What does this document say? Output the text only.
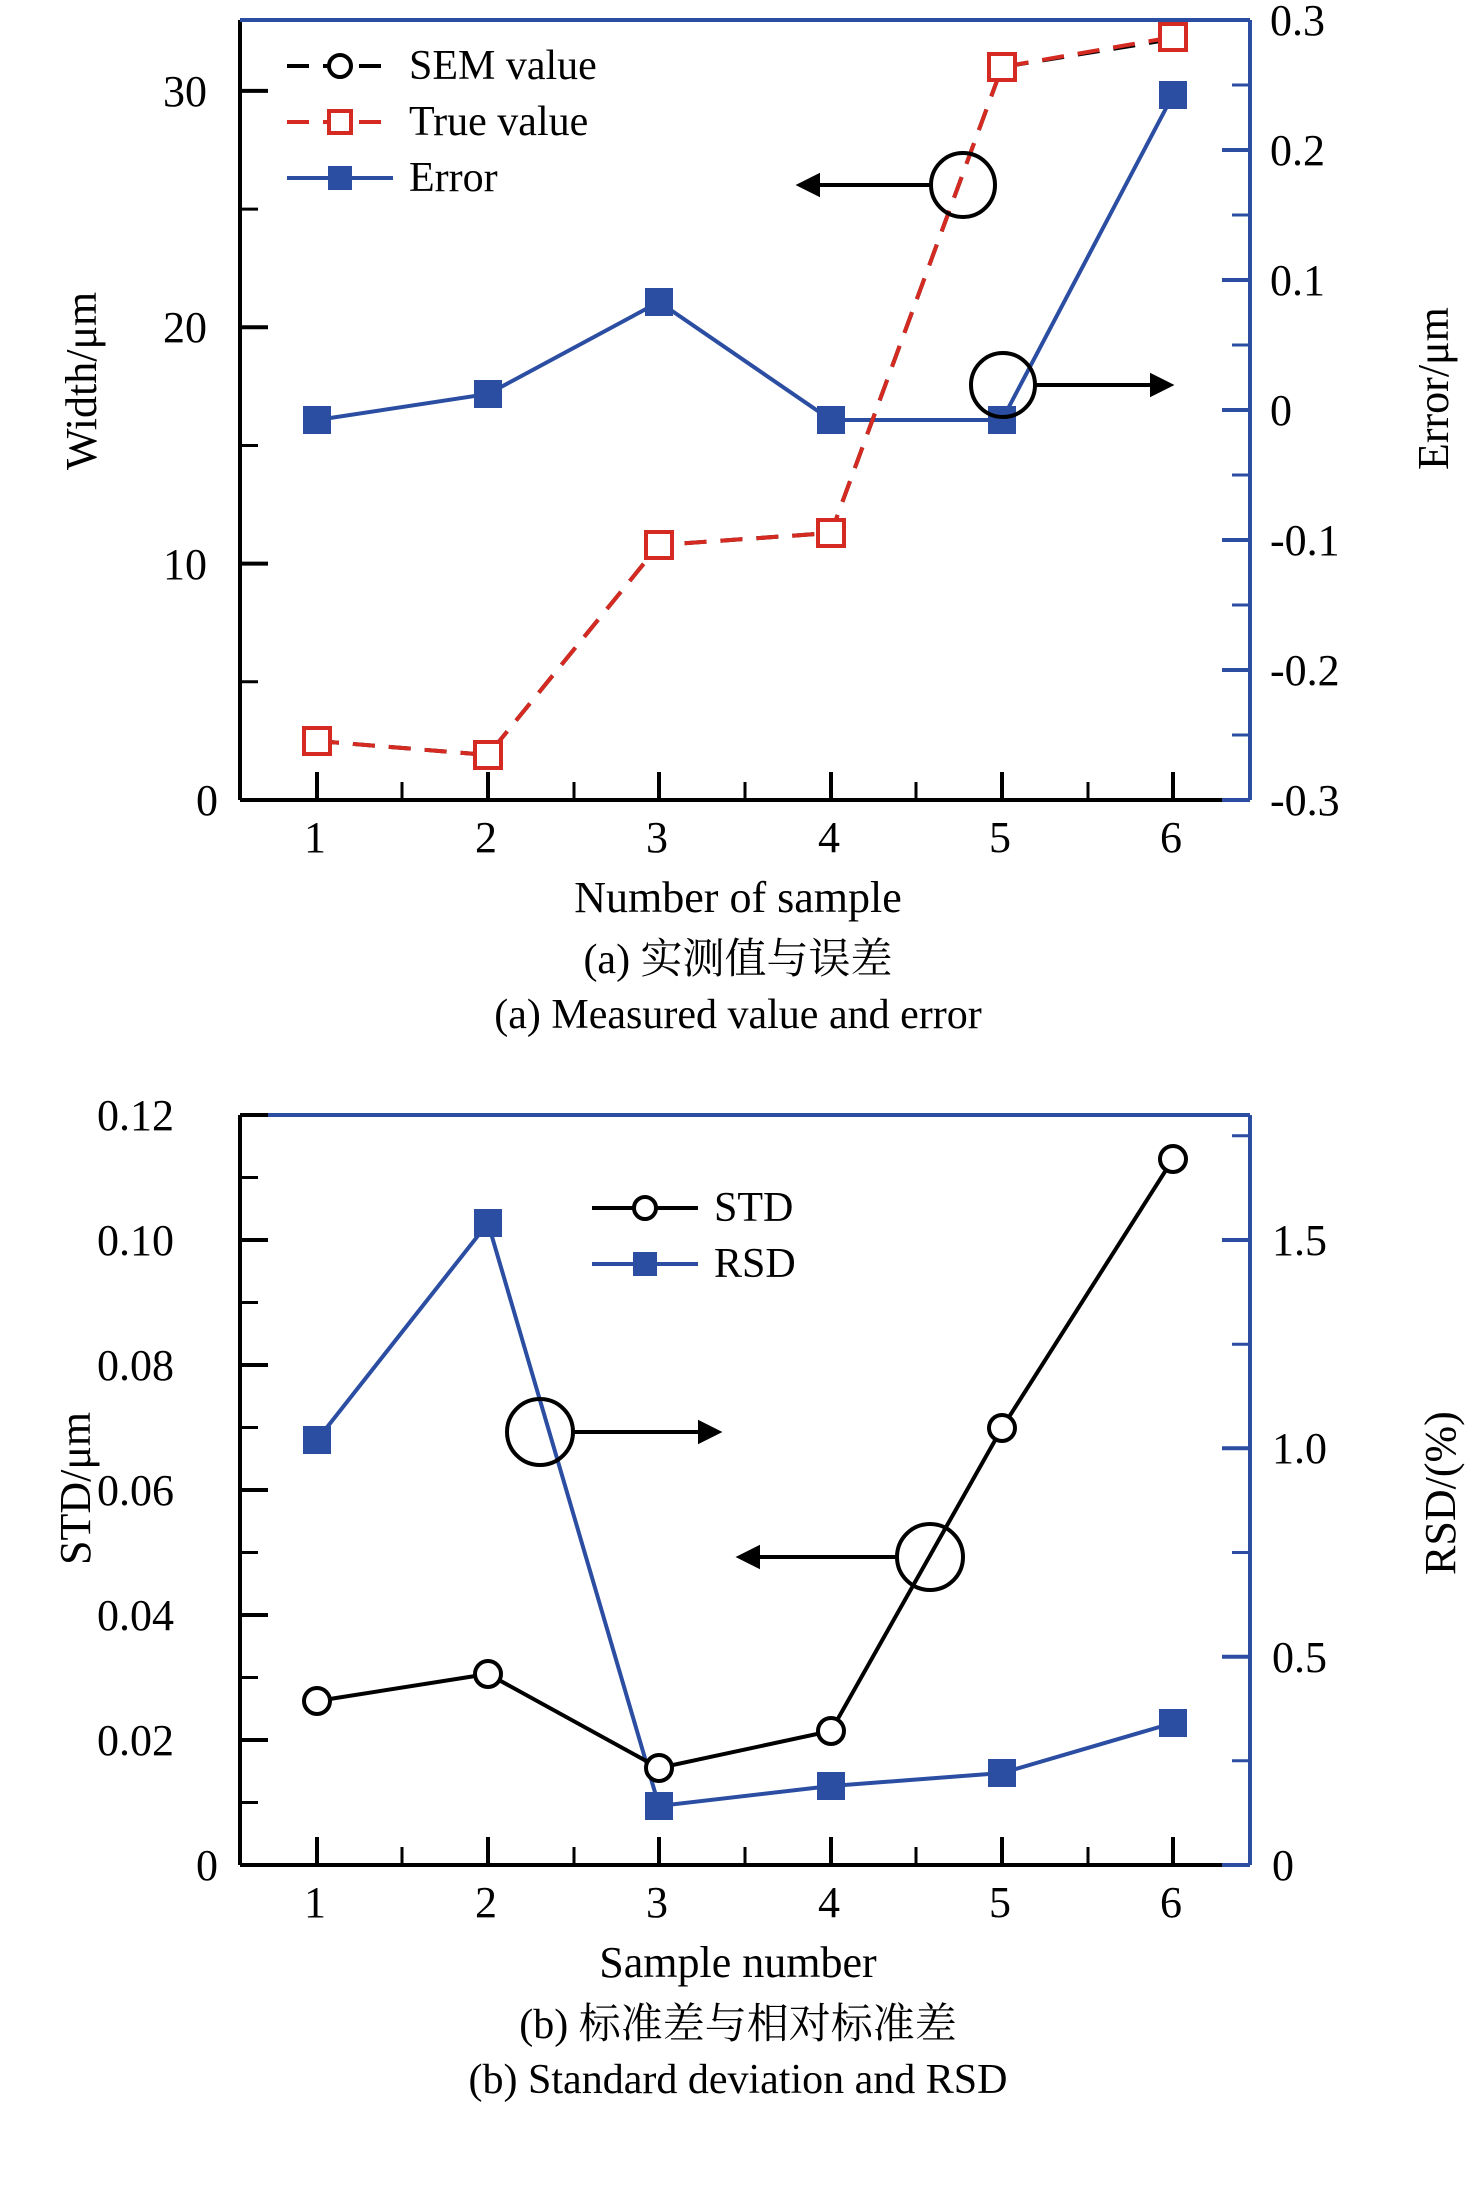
Width/μm	Error/μm
0
10
20
30
-0.3
-0.2
-0.1
0
0.1
0.2
0.3
1	2	3	4	5	6
SEM value
True value
Error
Number of sample
(a) 实测值与误差
(a) Measured value and error
STD/μm	RSD/(%)
0
0.02
0.04
0.06
0.08
0.10
0.12
0
0.5
1.0
1.5
1	2	3	4	5	6
STD
RSD
Sample number
(b) 标准差与相对标准差
(b) Standard deviation and RSD
